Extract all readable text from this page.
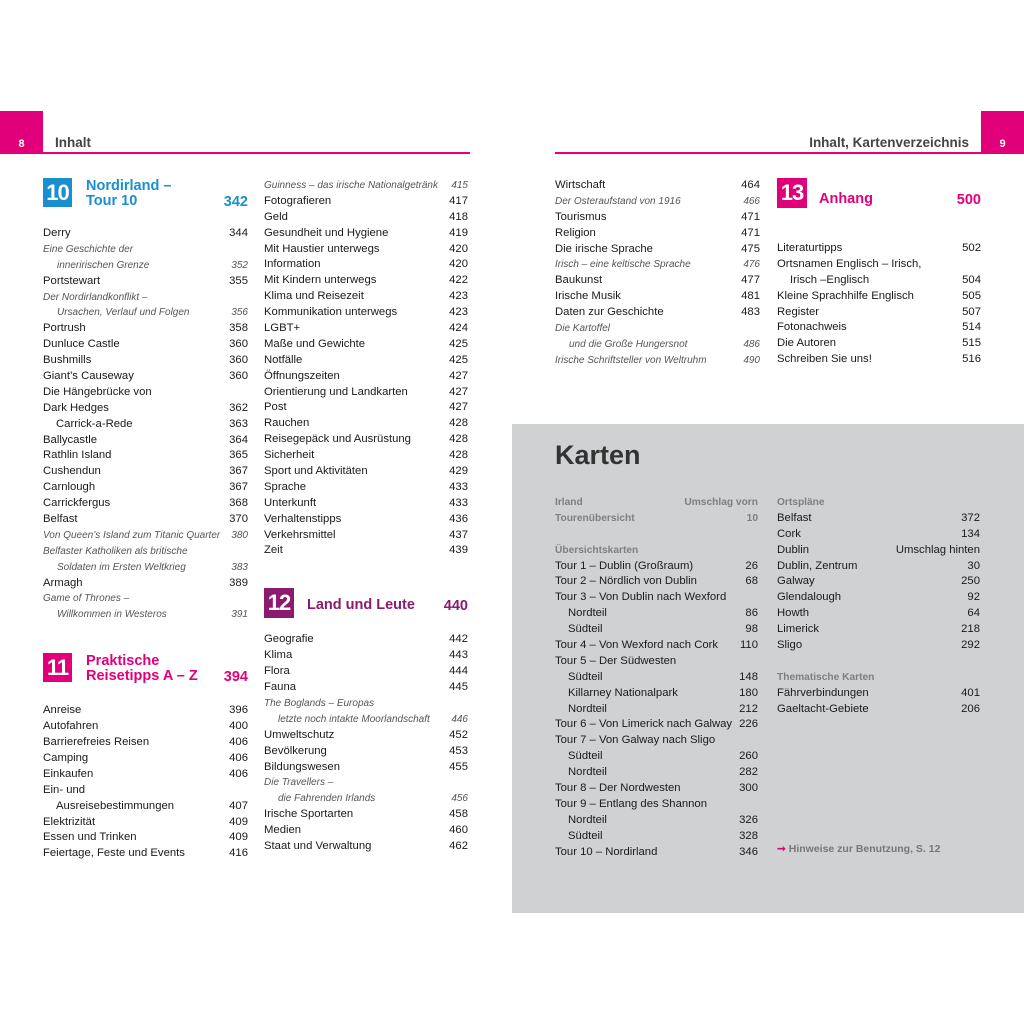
8	Inhalt
10 Nordirland –
Tour 10	342
Derry	344
Eine Geschichte der
inneririschen Grenze	352
Portstewart	355
Der Nordirlandkonflikt –
Ursachen, Verlauf und Folgen	356
Portrush	358
Dunluce Castle	360
Bushmills	360
Giant’s Causeway	360
Die Hängebrücke von
Dark Hedges	362
Carrick-a-Rede	363
Ballycastle	364
Rathlin Island	365
Cushendun	367
Carnlough	367
Carrickfergus	368
Belfast	370
Von Queen’s Island zum Titanic Quarter 380
Belfaster Katholiken als britische
Soldaten im Ersten Weltkrieg	383
Armagh	389
Game of Thrones –
Willkommen in Westeros	391
11 Praktische
Reisetipps A – Z 394
Anreise	396
Autofahren	400
Barrierefreies Reisen	406
Camping	406
Einkaufen	406
Ein- und
Ausreisebestimmungen	407
Elektrizität	409
Essen und Trinken	409
Feiertage, Feste und Events	416
Guinness – das irische Nationalgetränk 415
Fotografieren	417
Geld	418
Gesundheit und Hygiene	419
Mit Haustier unterwegs	420
Information	420
Mit Kindern unterwegs	422
Klima und Reisezeit	423
Kommunikation unterwegs	423
LGBT+	424
Maße und Gewichte	425
Notfälle	425
Öffnungszeiten	427
Orientierung und Landkarten	427
Post	427
Rauchen	428
Reisegepäck und Ausrüstung	428
Sicherheit	428
Sport und Aktivitäten	429
Sprache	433
Unterkunft	433
Verhaltenstipps	436
Verkehrsmittel	437
Zeit	439
12 Land und Leute 440
Geografie	442
Klima	443
Flora	444
Fauna	445
The Boglands – Europas
letzte noch intakte Moorlandschaft 446
Umweltschutz	452
Bevölkerung	453
Bildungswesen	455
Die Travellers –
die Fahrenden Irlands	456
Irische Sportarten	458
Medien	460
Staat und Verwaltung	462
9
Inhalt, Kartenverzeichnis
Wirtschaft	464
Der Osteraufstand von 1916	466
Tourismus	471
Religion	471
Die irische Sprache	475
Irisch – eine keltische Sprache	476
Baukunst	477
Irische Musik	481
Daten zur Geschichte	483
Die Kartoffel
und die Große Hungersnot	486
Irische Schriftsteller von Weltruhm	490
13 Anhang	500
Literaturtipps	502
Ortsnamen Englisch – Irisch,
Irisch –Englisch	504
Kleine Sprachhilfe Englisch	505
Register	507
Fotonachweis	514
Die Autoren	515
Schreiben Sie uns!	516
Karten
Irland	Umschlag vorn
Tourenübersicht	10
Übersichtskarten
Tour 1 – Dublin (Großraum)	26
Tour 2 – Nördlich von Dublin	68
Tour 3 – Von Dublin nach Wexford
Nordteil	86
Südteil	98
Tour 4 – Von Wexford nach Cork 110
Tour 5 – Der Südwesten
Südteil	148
Killarney Nationalpark	180
Nordteil	212
Tour 6 – Von Limerick nach Galway 226
Tour 7 – Von Galway nach Sligo
Südteil	260
Nordteil	282
Tour 8 – Der Nordwesten	300
Tour 9 – Entlang des Shannon
Nordteil	326
Südteil	328
Tour 10 – Nordirland	346
Ortspläne
Belfast	372
Cork	134
Dublin	Umschlag hinten
Dublin, Zentrum	30
Galway	250
Glendalough	92
Howth	64
Limerick	218
Sligo	292
Thematische Karten
Fährverbindungen	401
Gaeltacht-Gebiete	206
➞ Hinweise zur Benutzung, S. 12
